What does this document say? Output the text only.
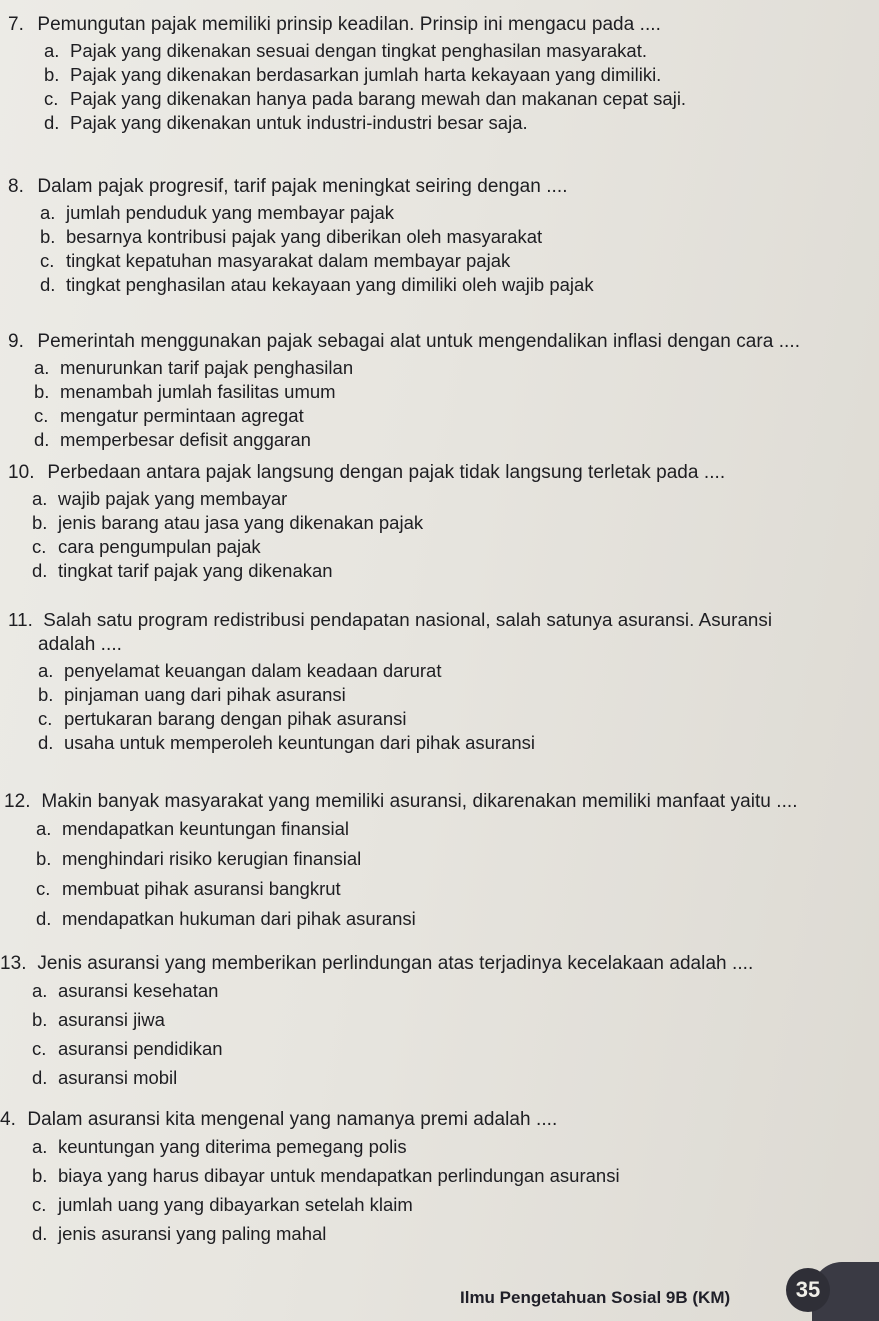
7. Pemungutan pajak memiliki prinsip keadilan. Prinsip ini mengacu pada ....
a. Pajak yang dikenakan sesuai dengan tingkat penghasilan masyarakat.
b. Pajak yang dikenakan berdasarkan jumlah harta kekayaan yang dimiliki.
c. Pajak yang dikenakan hanya pada barang mewah dan makanan cepat saji.
d. Pajak yang dikenakan untuk industri-industri besar saja.
8. Dalam pajak progresif, tarif pajak meningkat seiring dengan ....
a. jumlah penduduk yang membayar pajak
b. besarnya kontribusi pajak yang diberikan oleh masyarakat
c. tingkat kepatuhan masyarakat dalam membayar pajak
d. tingkat penghasilan atau kekayaan yang dimiliki oleh wajib pajak
9. Pemerintah menggunakan pajak sebagai alat untuk mengendalikan inflasi dengan cara ....
a. menurunkan tarif pajak penghasilan
b. menambah jumlah fasilitas umum
c. mengatur permintaan agregat
d. memperbesar defisit anggaran
10. Perbedaan antara pajak langsung dengan pajak tidak langsung terletak pada ....
a. wajib pajak yang membayar
b. jenis barang atau jasa yang dikenakan pajak
c. cara pengumpulan pajak
d. tingkat tarif pajak yang dikenakan
11. Salah satu program redistribusi pendapatan nasional, salah satunya asuransi. Asuransi
adalah ....
a. penyelamat keuangan dalam keadaan darurat
b. pinjaman uang dari pihak asuransi
c. pertukaran barang dengan pihak asuransi
d. usaha untuk memperoleh keuntungan dari pihak asuransi
12. Makin banyak masyarakat yang memiliki asuransi, dikarenakan memiliki manfaat yaitu ....
a. mendapatkan keuntungan finansial
b. menghindari risiko kerugian finansial
c. membuat pihak asuransi bangkrut
d. mendapatkan hukuman dari pihak asuransi
13. Jenis asuransi yang memberikan perlindungan atas terjadinya kecelakaan adalah ....
a. asuransi kesehatan
b. asuransi jiwa
c. asuransi pendidikan
d. asuransi mobil
4. Dalam asuransi kita mengenal yang namanya premi adalah ....
a. keuntungan yang diterima pemegang polis
b. biaya yang harus dibayar untuk mendapatkan perlindungan asuransi
c. jumlah uang yang dibayarkan setelah klaim
d. jenis asuransi yang paling mahal
Ilmu Pengetahuan Sosial 9B (KM)	35
